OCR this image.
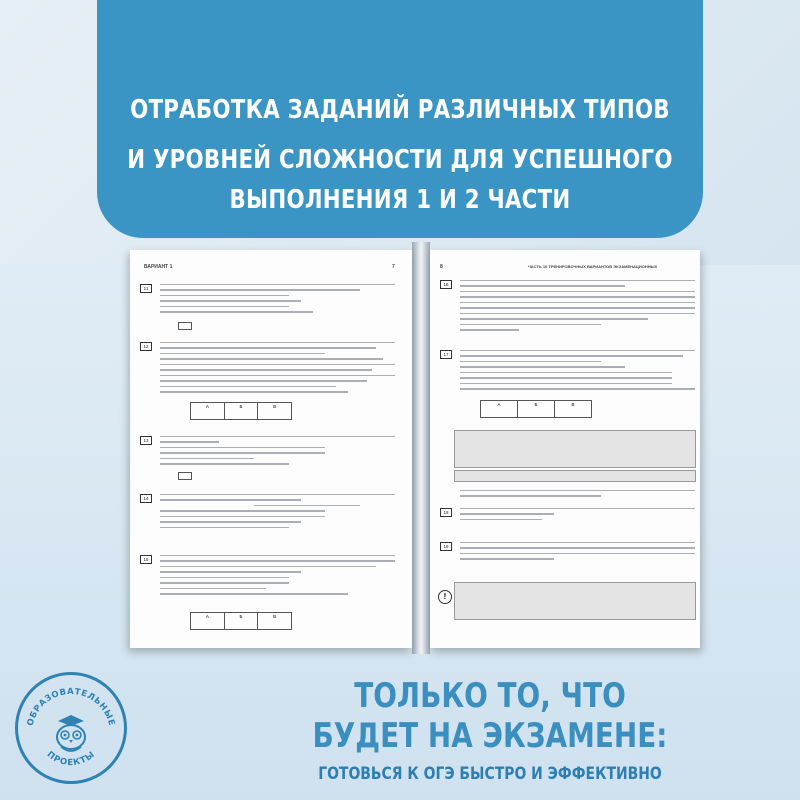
ОТРАБОТКА ЗАДАНИЙ РАЗЛИЧНЫХ ТИПОВ
И УРОВНЕЙ СЛОЖНОСТИ ДЛЯ УСПЕШНОГО
ВЫПОЛНЕНИЯ 1 И 2 ЧАСТИ
ВАРИАНТ 1	7
11
12
А	Б	В
13
14
15
А	Б	В
8	ЧАСТЬ 10 ТРЕНИРОВОЧНЫХ ВАРИАНТОВ ЭКЗАМЕНАЦИОННЫХ
16
17
А	Б	В
18
19
!
ТОЛЬКО ТО, ЧТО
БУДЕТ НА ЭКЗАМЕНЕ:
ГОТОВЬСЯ К ОГЭ БЫСТРО И ЭФФЕКТИВНО
ОБРАЗОВАТЕЛЬНЫЕ
ПРОЕКТЫ
